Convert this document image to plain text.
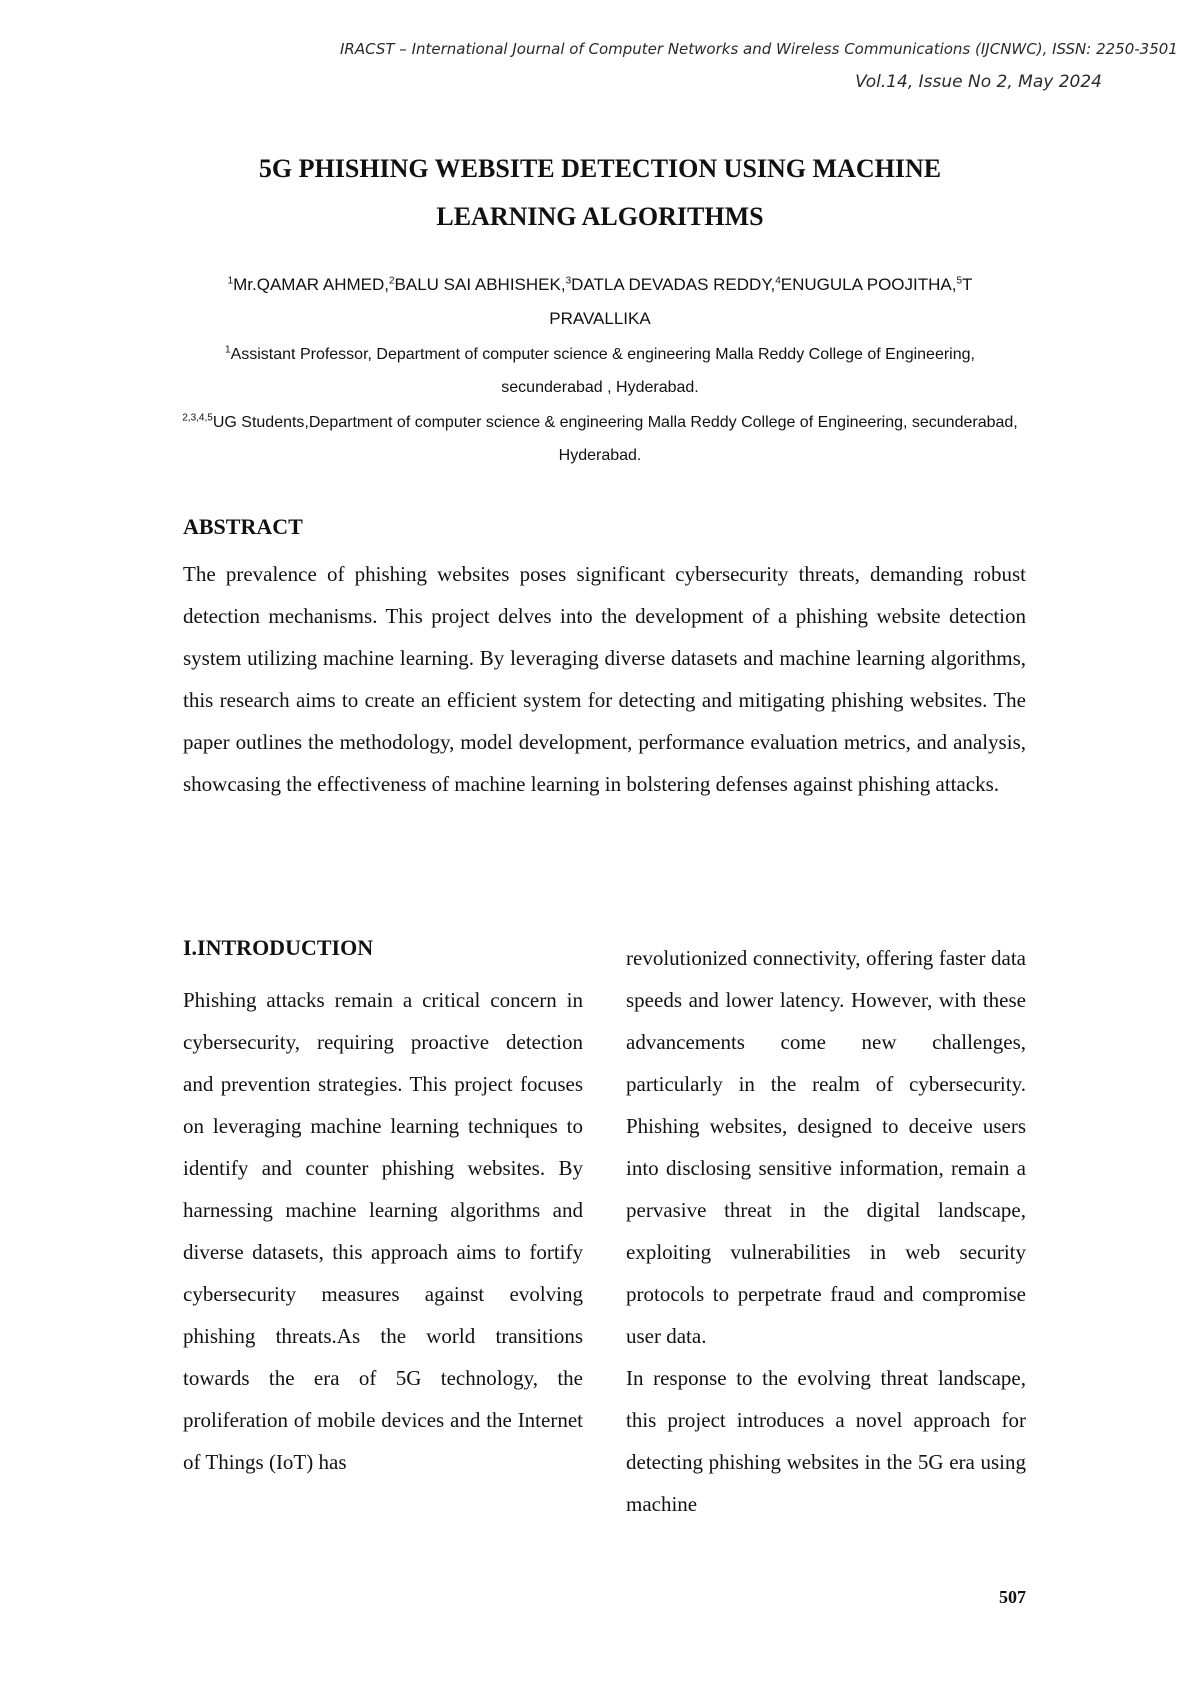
IRACST – International Journal of Computer Networks and Wireless Communications (IJCNWC), ISSN: 2250-3501
Vol.14, Issue No 2, May 2024
5G PHISHING WEBSITE DETECTION USING MACHINE
LEARNING ALGORITHMS
$^1$Mr.QAMAR AHMED,$^2$BALU SAI ABHISHEK,$^3$DATLA DEVADAS REDDY,$^4$ENUGULA POOJITHA,$^5$T PRAVALLIKA
$^1$Assistant Professor, Department of computer science & engineering Malla Reddy College of Engineering, secunderabad , Hyderabad.
$^{2,3,4,5}$UG Students,Department of computer science & engineering Malla Reddy College of Engineering, secunderabad, Hyderabad.
ABSTRACT
The prevalence of phishing websites poses significant cybersecurity threats, demanding robust detection mechanisms. This project delves into the development of a phishing website detection system utilizing machine learning. By leveraging diverse datasets and machine learning algorithms, this research aims to create an efficient system for detecting and mitigating phishing websites. The paper outlines the methodology, model development, performance evaluation metrics, and analysis, showcasing the effectiveness of machine learning in bolstering defenses against phishing attacks.
I.INTRODUCTION

Phishing attacks remain a critical concern in cybersecurity, requiring proactive detection and prevention strategies. This project focuses on leveraging machine learning techniques to identify and counter phishing websites. By harnessing machine learning algorithms and diverse datasets, this approach aims to fortify cybersecurity measures against evolving phishing threats.As the world transitions towards the era of 5G technology, the proliferation of mobile devices and the Internet of Things (IoT) has

revolutionized connectivity, offering faster data speeds and lower latency. However, with these advancements come new challenges, particularly in the realm of cybersecurity. Phishing websites, designed to deceive users into disclosing sensitive information, remain a pervasive threat in the digital landscape, exploiting vulnerabilities in web security protocols to perpetrate fraud and compromise user data.

In response to the evolving threat landscape, this project introduces a novel approach for detecting phishing websites in the 5G era using machine

507
